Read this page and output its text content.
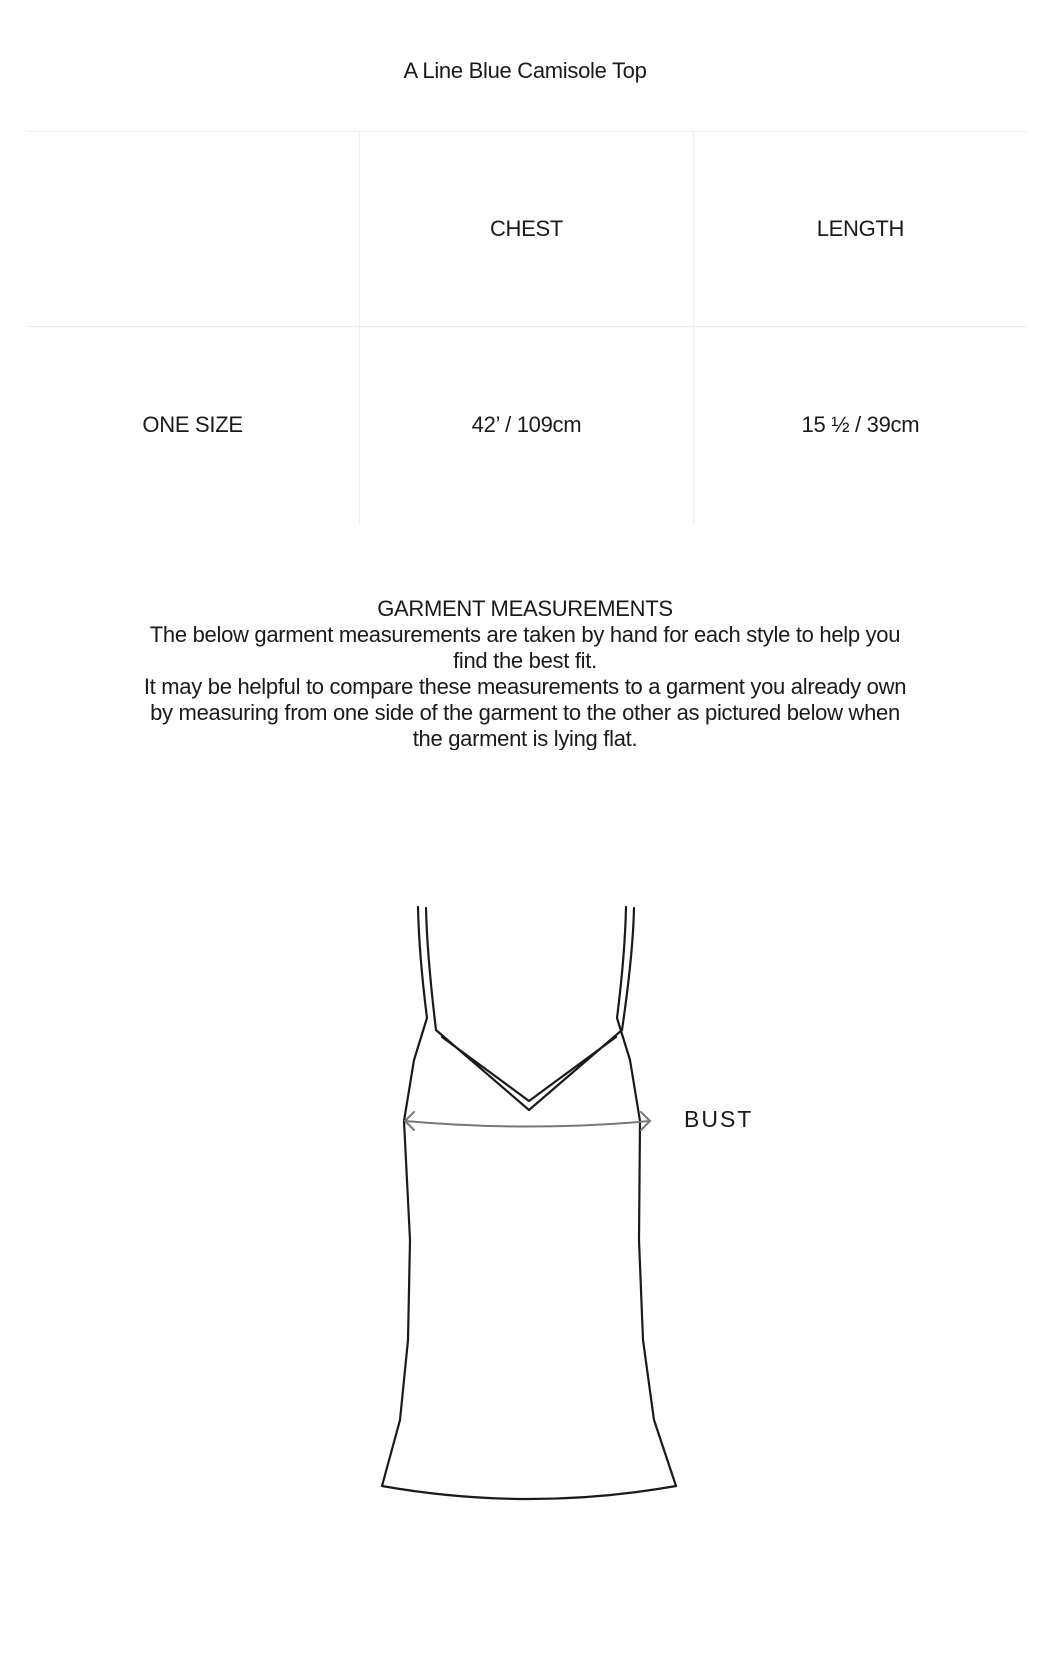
A Line Blue Camisole Top
	CHEST	LENGTH
ONE SIZE	42’ / 109cm	15 ½ / 39cm

GARMENT MEASUREMENTS

The below garment measurements are taken by hand for each style to help you find the best fit.

It may be helpful to compare these measurements to a garment you already own by measuring from one side of the garment to the other as pictured below when the garment is lying flat.

BUST
